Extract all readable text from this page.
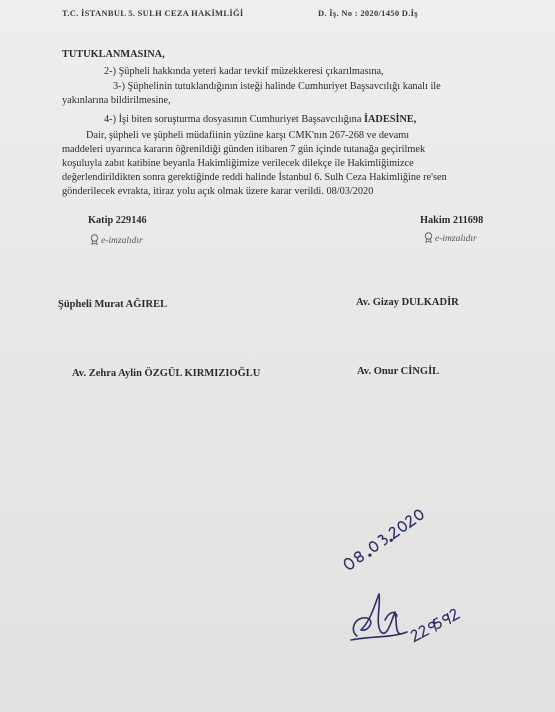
T.C. İSTANBUL 5. SULH CEZA HAKİMLİĞİ	D. İş. No : 2020/1450 D.İş
TUTUKLANMASINA,
2-) Şüpheli hakkında yeteri kadar tevkif müzekkeresi çıkarılmasına,
3-) Şüphelinin tutuklandığının isteği halinde Cumhuriyet Başsavcılığı kanalı ile
yakınlarına bildirilmesine,
4-) İşi biten soruşturma dosyasının Cumhuriyet Başsavcılığına İADESİNE,
Dair, şüpheli ve şüpheli müdafiinin yüzüne karşı CMK'nın 267-268 ve devamı
maddeleri uyarınca kararın öğrenildiği günden itibaren 7 gün içinde tutanağa geçirilmek
koşuluyla zabıt katibine beyanla Hakimliğimize verilecek dilekçe ile Hakimliğimizce
değerlendirildikten sonra gerektiğinde reddi halinde İstanbul 6. Sulh Ceza Hakimliğine re'sen
gönderilecek evrakta, itiraz yolu açık olmak üzere karar verildi. 08/03/2020
Katip 229146
e-imzalıdır
Hakim 211698
e-imzalıdır
Şüpheli Murat AĞIREL	Av. Gizay DULKADİR
Av. Zehra Aylin ÖZGÜL KIRMIZIOĞLU	Av. Onur CİNGİL
